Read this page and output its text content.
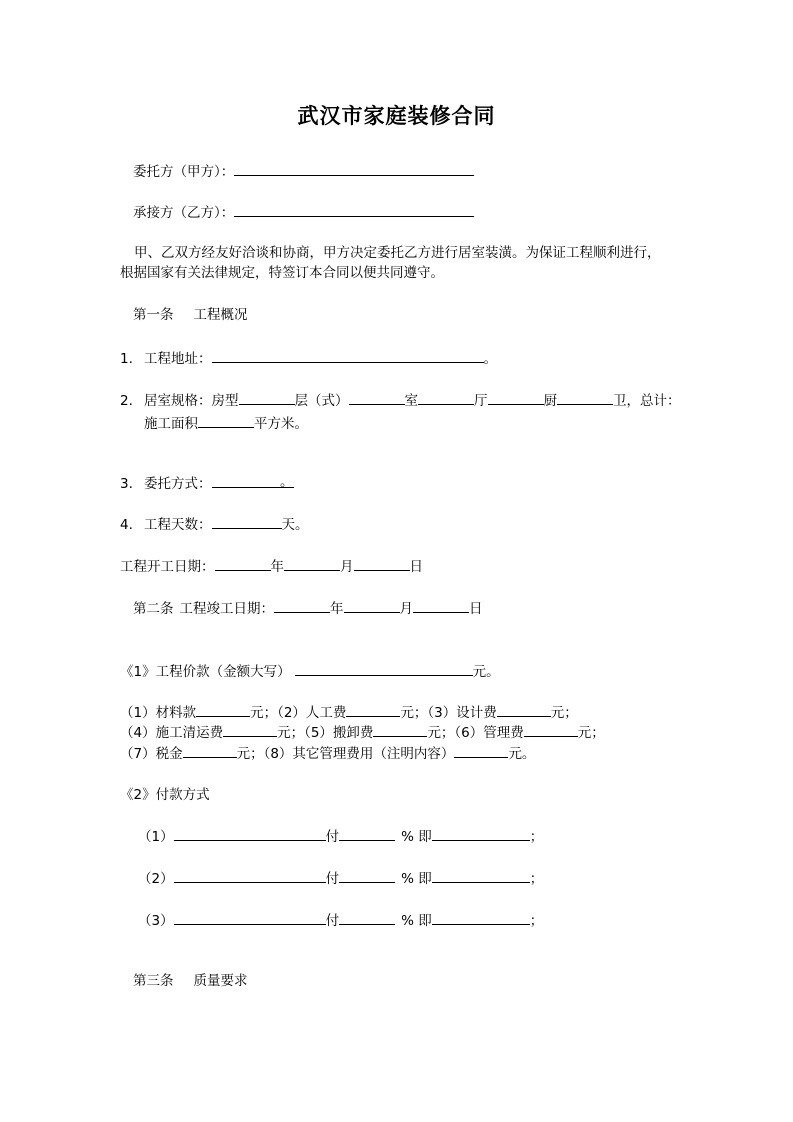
武汉市家庭装修合同
委托方（甲方）：
承接方（乙方）：
甲、乙双方经友好洽谈和协商，甲方决定委托乙方进行居室装潢。为保证工程顺利进行，
根据国家有关法律规定，特签订本合同以便共同遵守。
第一条 工程概况
1. 工程地址：	。
2. 居室规格：房型	层（式）	室	厅	厨	卫，总计：
施工面积	平方米。
3. 委托方式：	。
4. 工程天数：	天。
工程开工日期：	年	月	日
第二条 工程竣工日期：	年	月	日
《1》工程价款（金额大写）	元。
（1）材料款	元；（2）人工费	元；（3）设计费	元；
（4）施工清运费	元；（5）搬卸费	元；（6）管理费	元；
（7）税金	元；（8）其它管理费用（注明内容）	元。
《2》付款方式
（1）	付	% 即	；
（2）	付	% 即	；
（3）	付	% 即	；
第三条 质量要求
